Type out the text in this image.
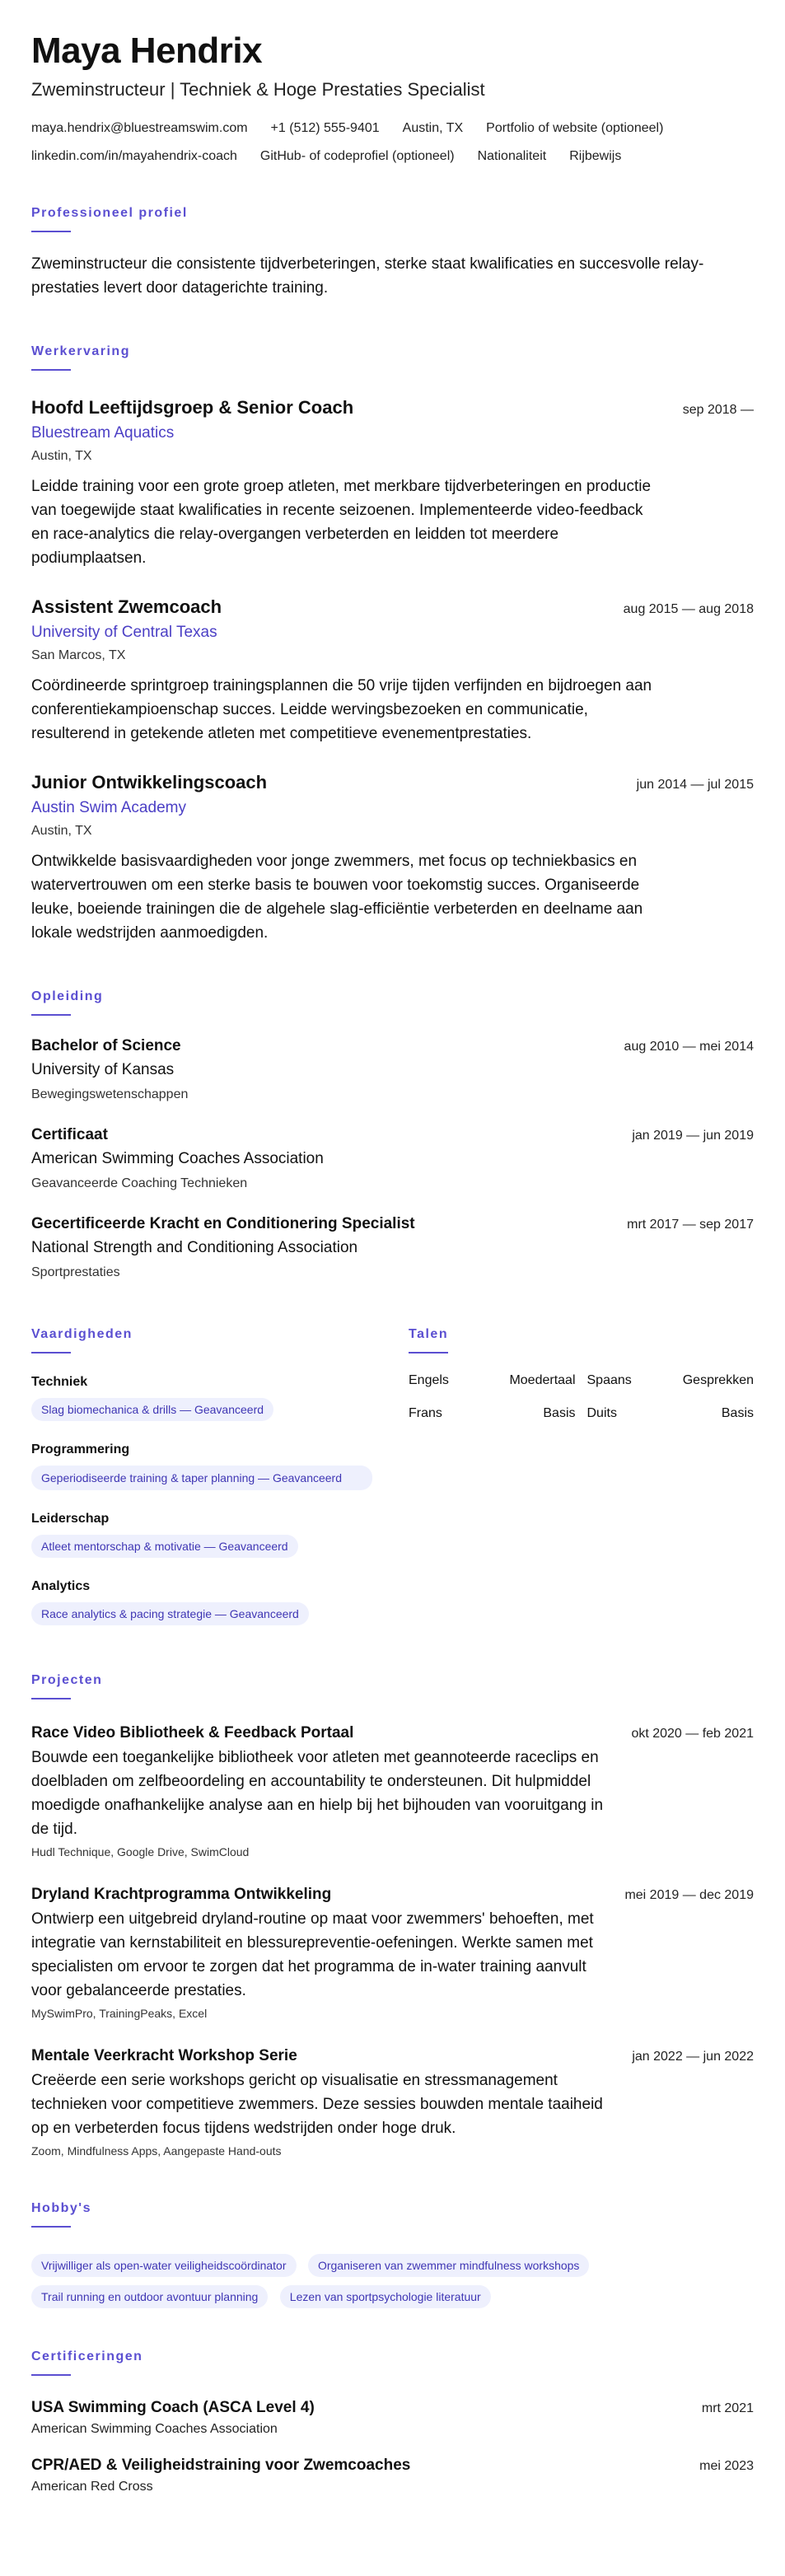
Maya Hendrix
Zweminstructeur | Techniek & Hoge Prestaties Specialist
maya.hendrix@bluestreamswim.com +1 (512) 555-9401 Austin, TX Portfolio of website (optioneel)
linkedin.com/in/mayahendrix-coach GitHub- of codeprofiel (optioneel) Nationaliteit Rijbewijs
Professioneel profiel

Zweminstructeur die consistente tijdverbeteringen, sterke staat kwalificaties en succesvolle relay-prestaties levert door datagerichte training.

Werkervaring
Hoofd Leeftijdsgroep & Senior Coach	sep 2018 —
Bluestream Aquatics
Austin, TX
Leidde training voor een grote groep atleten, met merkbare tijdverbeteringen en productie van toegewijde staat kwalificaties in recente seizoenen. Implementeerde video-feedback en race-analytics die relay-overgangen verbeterden en leidden tot meerdere podiumplaatsen.
Assistent Zwemcoach	aug 2015 — aug 2018
University of Central Texas
San Marcos, TX
Coördineerde sprintgroep trainingsplannen die 50 vrije tijden verfijnden en bijdroegen aan conferentiekampioenschap succes. Leidde wervingsbezoeken en communicatie, resulterend in getekende atleten met competitieve evenementprestaties.
Junior Ontwikkelingscoach	jun 2014 — jul 2015
Austin Swim Academy
Austin, TX
Ontwikkelde basisvaardigheden voor jonge zwemmers, met focus op techniekbasics en watervertrouwen om een sterke basis te bouwen voor toekomstig succes. Organiseerde leuke, boeiende trainingen die de algehele slag-efficiëntie verbeterden en deelname aan lokale wedstrijden aanmoedigden.
Opleiding
Bachelor of Science	aug 2010 — mei 2014
University of Kansas
Bewegingswetenschappen
Certificaat	jan 2019 — jun 2019
American Swimming Coaches Association
Geavanceerde Coaching Technieken
Gecertificeerde Kracht en Conditionering Specialist	mrt 2017 — sep 2017
National Strength and Conditioning Association
Sportprestaties
Vaardigheden
Techniek
Slag biomechanica & drills — Geavanceerd
Programmering
Geperiodiseerde training & taper planning — Geavanceerd
Leiderschap
Atleet mentorschap & motivatie — Geavanceerd
Analytics
Race analytics & pacing strategie — Geavanceerd
Talen
Engels	Moedertaal Spaans	Gesprekken
Frans	Basis Duits	Basis
Projecten
Race Video Bibliotheek & Feedback Portaal	okt 2020 — feb 2021
Bouwde een toegankelijke bibliotheek voor atleten met geannoteerde raceclips en doelbladen om zelfbeoordeling en accountability te ondersteunen. Dit hulpmiddel moedigde onafhankelijke analyse aan en hielp bij het bijhouden van vooruitgang in de tijd.
Hudl Technique, Google Drive, SwimCloud
Dryland Krachtprogramma Ontwikkeling	mei 2019 — dec 2019
Ontwierp een uitgebreid dryland-routine op maat voor zwemmers' behoeften, met integratie van kernstabiliteit en blessurepreventie-oefeningen. Werkte samen met specialisten om ervoor te zorgen dat het programma de in-water training aanvult voor gebalanceerde prestaties.
MySwimPro, TrainingPeaks, Excel
Mentale Veerkracht Workshop Serie	jan 2022 — jun 2022
Creëerde een serie workshops gericht op visualisatie en stressmanagement technieken voor competitieve zwemmers. Deze sessies bouwden mentale taaiheid op en verbeterden focus tijdens wedstrijden onder hoge druk.
Zoom, Mindfulness Apps, Aangepaste Hand-outs
Hobby's
Vrijwilliger als open-water veiligheidscoördinator	Organiseren van zwemmer mindfulness workshops Trail running en outdoor avontuur planning	Lezen van sportpsychologie literatuur
Certificeringen
USA Swimming Coach (ASCA Level 4)	mrt 2021
American Swimming Coaches Association
CPR/AED & Veiligheidstraining voor Zwemcoaches	mei 2023
American Red Cross
